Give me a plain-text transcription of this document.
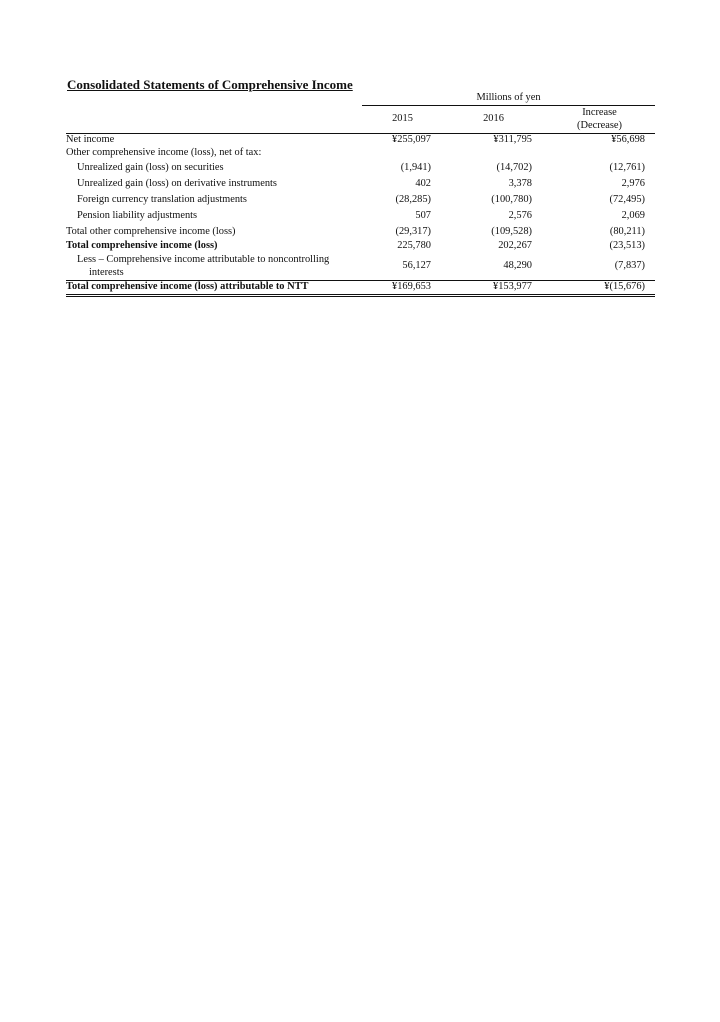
Consolidated Statements of Comprehensive Income
	Millions of yen		
	2015	2016	Increase
(Decrease)
Net income	¥255,097	¥311,795	¥56,698
Other comprehensive income (loss), net of tax:			
Unrealized gain (loss) on securities	(1,941)	(14,702)	(12,761)
Unrealized gain (loss) on derivative instruments	402	3,378	2,976
Foreign currency translation adjustments	(28,285)	(100,780)	(72,495)
Pension liability adjustments	507	2,576	2,069
Total other comprehensive income (loss)	(29,317)	(109,528)	(80,211)
Total comprehensive income (loss)	225,780	202,267	(23,513)
Less – Comprehensive income attributable to noncontrolling
interests	56,127	48,290	(7,837)
Total comprehensive income (loss) attributable to NTT	¥169,653	¥153,977	¥(15,676)
